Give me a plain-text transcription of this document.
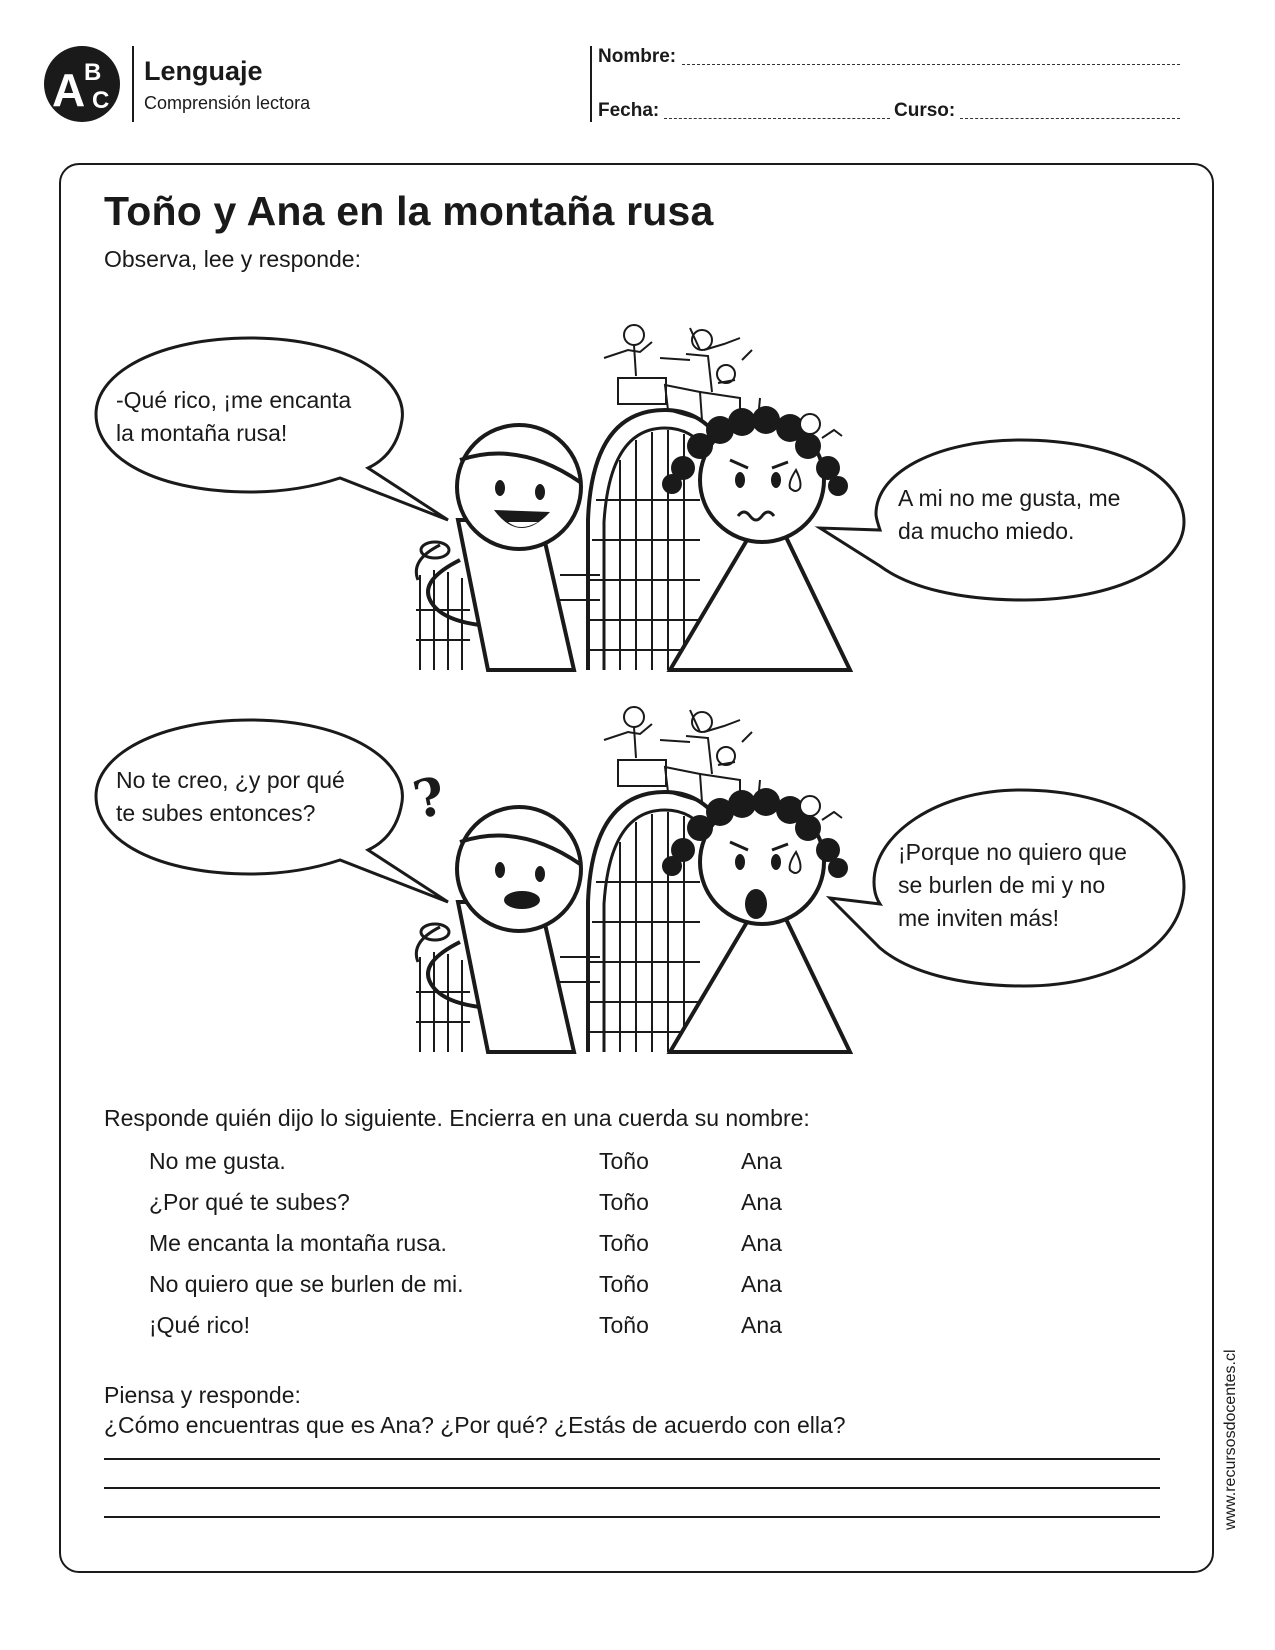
A
B
C
Lenguaje
Comprensión lectora
Nombre:
Fecha:	Curso:
Toño y Ana en la montaña rusa
Observa, lee y responde:
-Qué rico, ¡me encanta
la montaña rusa!
A mi no me gusta, me
da mucho miedo.
No te creo, ¿y por qué
te subes entonces?	?
¡Porque no quiero que
se burlen de mi y no
me inviten más!
Responde quién dijo lo siguiente. Encierra en una cuerda su nombre:
No me gusta.	Toño	Ana
¿Por qué te subes?	Toño	Ana
Me encanta la montaña rusa.	Toño	Ana
No quiero que se burlen de mi.	Toño	Ana
¡Qué rico!	Toño	Ana
Piensa y responde:
¿Cómo encuentras que es Ana? ¿Por qué? ¿Estás de acuerdo con ella?	www.recursosdocentes.cl
